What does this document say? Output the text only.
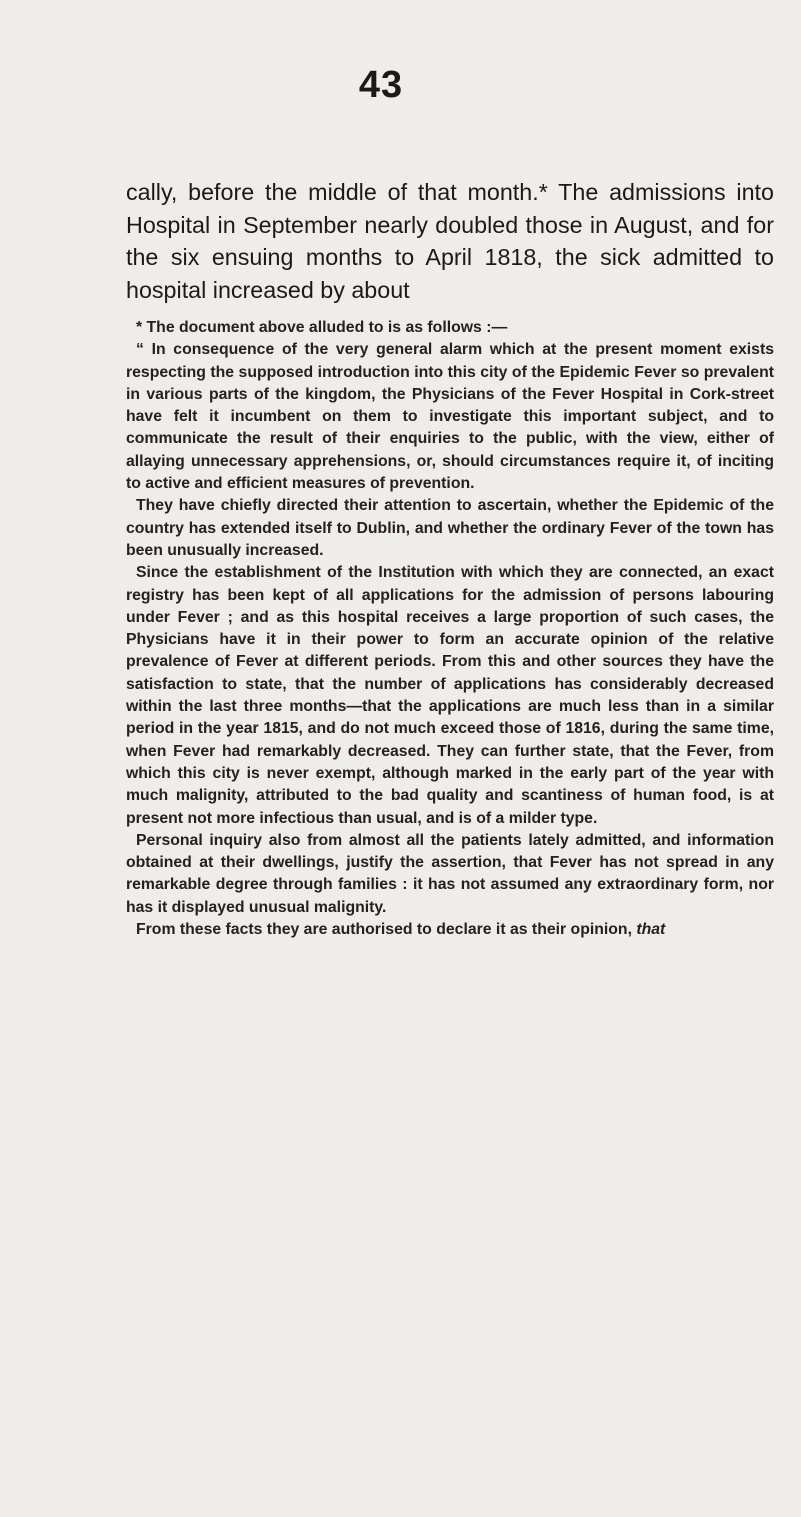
43

cally, before the middle of that month.* The admissions into Hospital in September nearly doubled those in August, and for the six ensuing months to April 1818, the sick admitted to hospital increased by about

* The document above alluded to is as follows :—

“ In consequence of the very general alarm which at the present moment exists respecting the supposed introduction into this city of the Epidemic Fever so prevalent in various parts of the kingdom, the Physicians of the Fever Hospital in Cork-street have felt it incumbent on them to investigate this important subject, and to communicate the result of their enquiries to the public, with the view, either of allaying unnecessary apprehensions, or, should circumstances require it, of inciting to active and efficient measures of prevention.

They have chiefly directed their attention to ascertain, whether the Epidemic of the country has extended itself to Dublin, and whether the ordinary Fever of the town has been unusually increased.

Since the establishment of the Institution with which they are connected, an exact registry has been kept of all applications for the admission of persons labouring under Fever ; and as this hospital receives a large proportion of such cases, the Physicians have it in their power to form an accurate opinion of the relative prevalence of Fever at different periods. From this and other sources they have the satisfaction to state, that the number of applications has considerably decreased within the last three months—that the applications are much less than in a similar period in the year 1815, and do not much exceed those of 1816, during the same time, when Fever had remarkably decreased. They can further state, that the Fever, from which this city is never exempt, although marked in the early part of the year with much malignity, attributed to the bad quality and scantiness of human food, is at present not more infectious than usual, and is of a milder type.

Personal inquiry also from almost all the patients lately admitted, and information obtained at their dwellings, justify the assertion, that Fever has not spread in any remarkable degree through families : it has not assumed any extraordinary form, nor has it displayed unusual malignity.

From these facts they are authorised to declare it as their opinion, that
